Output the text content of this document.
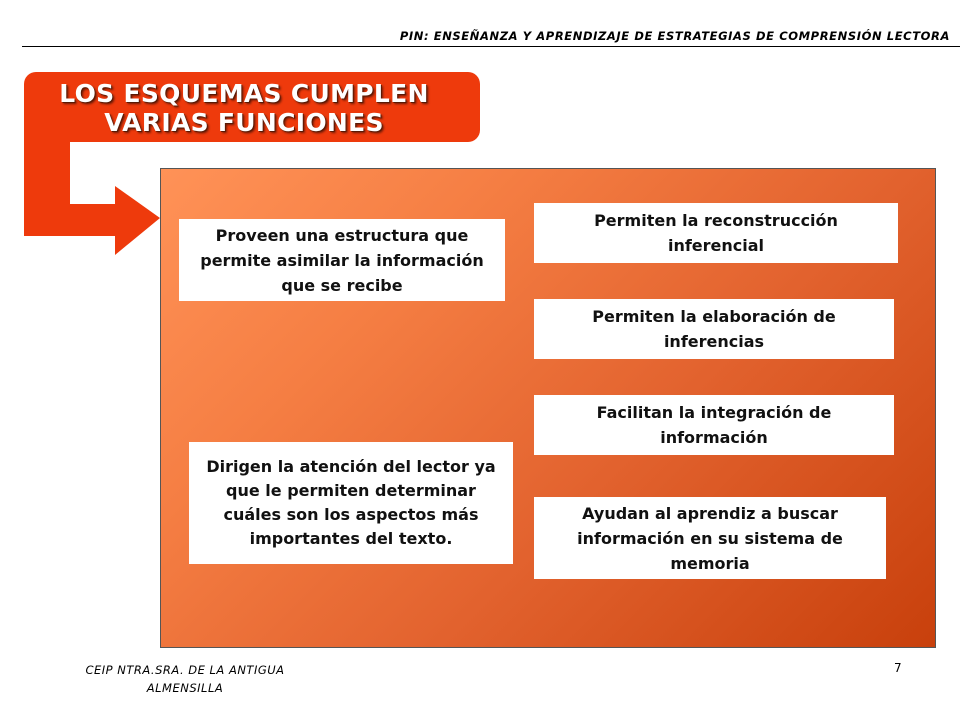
PIN: ENSEÑANZA Y APRENDIZAJE DE ESTRATEGIAS DE COMPRENSIÓN LECTORA
LOS ESQUEMAS CUMPLEN
VARIAS FUNCIONES
Proveen una estructura que permite asimilar la información que se recibe
Dirigen la atención del lector ya que le permiten determinar cuáles son los aspectos más importantes del texto.
Permiten la reconstrucción inferencial
Permiten la elaboración de inferencias
Facilitan la integración de información
Ayudan al aprendiz a buscar información en su sistema de memoria
CEIP NTRA.SRA. DE LA ANTIGUA
ALMENSILLA
7
